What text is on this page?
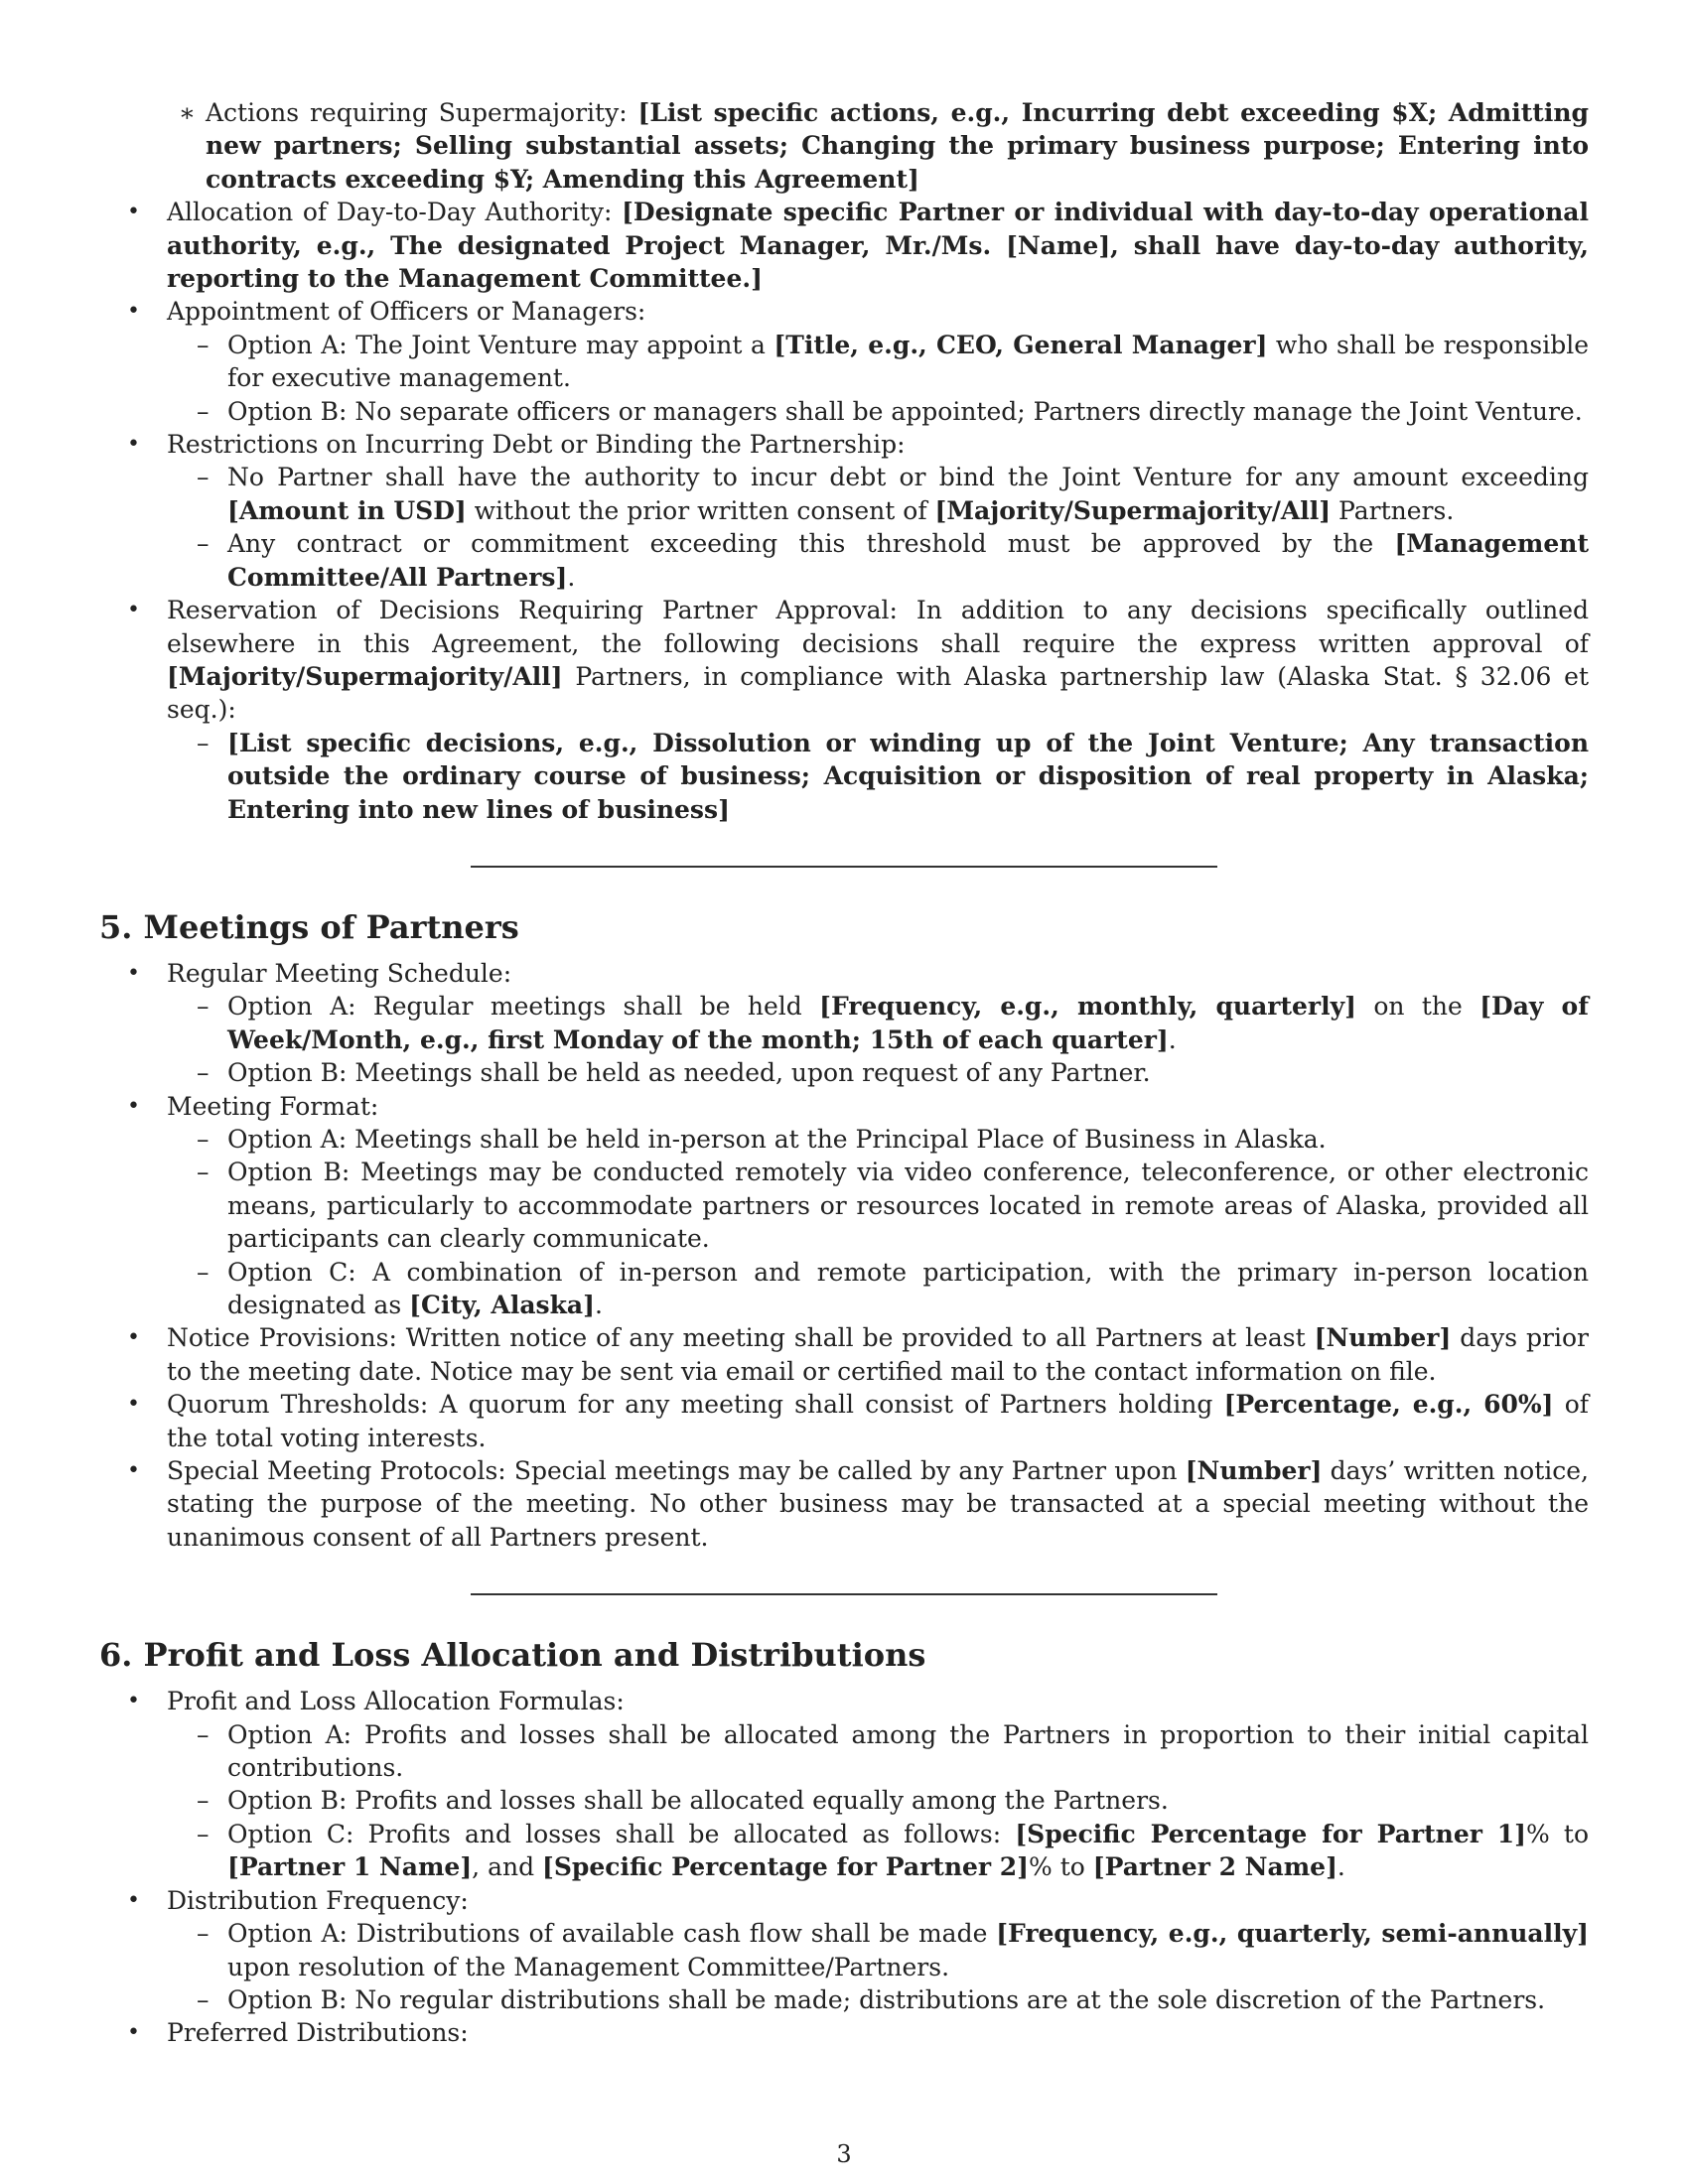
∗ Actions requiring Supermajority: [List specific actions, e.g., Incurring debt exceeding $X; Admitting new partners; Selling substantial assets; Changing the primary business purpose; Entering into contracts exceeding $Y; Amending this Agreement]
• Allocation of Day-to-Day Authority: [Designate specific Partner or individual with day-to-day operational authority, e.g., The designated Project Manager, Mr./Ms. [Name], shall have day-to-day authority, reporting to the Management Committee.]
• Appointment of Officers or Managers:
– Option A: The Joint Venture may appoint a [Title, e.g., CEO, General Manager] who shall be responsible for executive management.
– Option B: No separate officers or managers shall be appointed; Partners directly manage the Joint Venture.
• Restrictions on Incurring Debt or Binding the Partnership:
– No Partner shall have the authority to incur debt or bind the Joint Venture for any amount exceeding [Amount in USD] without the prior written consent of [Majority/Supermajority/All] Partners.
– Any contract or commitment exceeding this threshold must be approved by the [Management Committee/All Partners].
• Reservation of Decisions Requiring Partner Approval: In addition to any decisions specifically outlined elsewhere in this Agreement, the following decisions shall require the express written approval of [Majority/Supermajority/All] Partners, in compliance with Alaska partnership law (Alaska Stat. § 32.06 et seq.):
– [List specific decisions, e.g., Dissolution or winding up of the Joint Venture; Any transaction outside the ordinary course of business; Acquisition or disposition of real property in Alaska; Entering into new lines of business]
5. Meetings of Partners
• Regular Meeting Schedule:
– Option A: Regular meetings shall be held [Frequency, e.g., monthly, quarterly] on the [Day of Week/Month, e.g., first Monday of the month; 15th of each quarter].
– Option B: Meetings shall be held as needed, upon request of any Partner.
• Meeting Format:
– Option A: Meetings shall be held in-person at the Principal Place of Business in Alaska.
– Option B: Meetings may be conducted remotely via video conference, teleconference, or other electronic means, particularly to accommodate partners or resources located in remote areas of Alaska, provided all participants can clearly communicate.
– Option C: A combination of in-person and remote participation, with the primary in-person location designated as [City, Alaska].
• Notice Provisions: Written notice of any meeting shall be provided to all Partners at least [Number] days prior to the meeting date. Notice may be sent via email or certified mail to the contact information on file.
• Quorum Thresholds: A quorum for any meeting shall consist of Partners holding [Percentage, e.g., 60%] of the total voting interests.
• Special Meeting Protocols: Special meetings may be called by any Partner upon [Number] days’ written notice, stating the purpose of the meeting. No other business may be transacted at a special meeting without the unanimous consent of all Partners present.
6. Profit and Loss Allocation and Distributions
• Profit and Loss Allocation Formulas:
– Option A: Profits and losses shall be allocated among the Partners in proportion to their initial capital contributions.
– Option B: Profits and losses shall be allocated equally among the Partners.
– Option C: Profits and losses shall be allocated as follows: [Specific Percentage for Partner 1]% to [Partner 1 Name], and [Specific Percentage for Partner 2]% to [Partner 2 Name].
• Distribution Frequency:
– Option A: Distributions of available cash flow shall be made [Frequency, e.g., quarterly, semi-annually] upon resolution of the Management Committee/Partners.
– Option B: No regular distributions shall be made; distributions are at the sole discretion of the Partners.
• Preferred Distributions:
3
